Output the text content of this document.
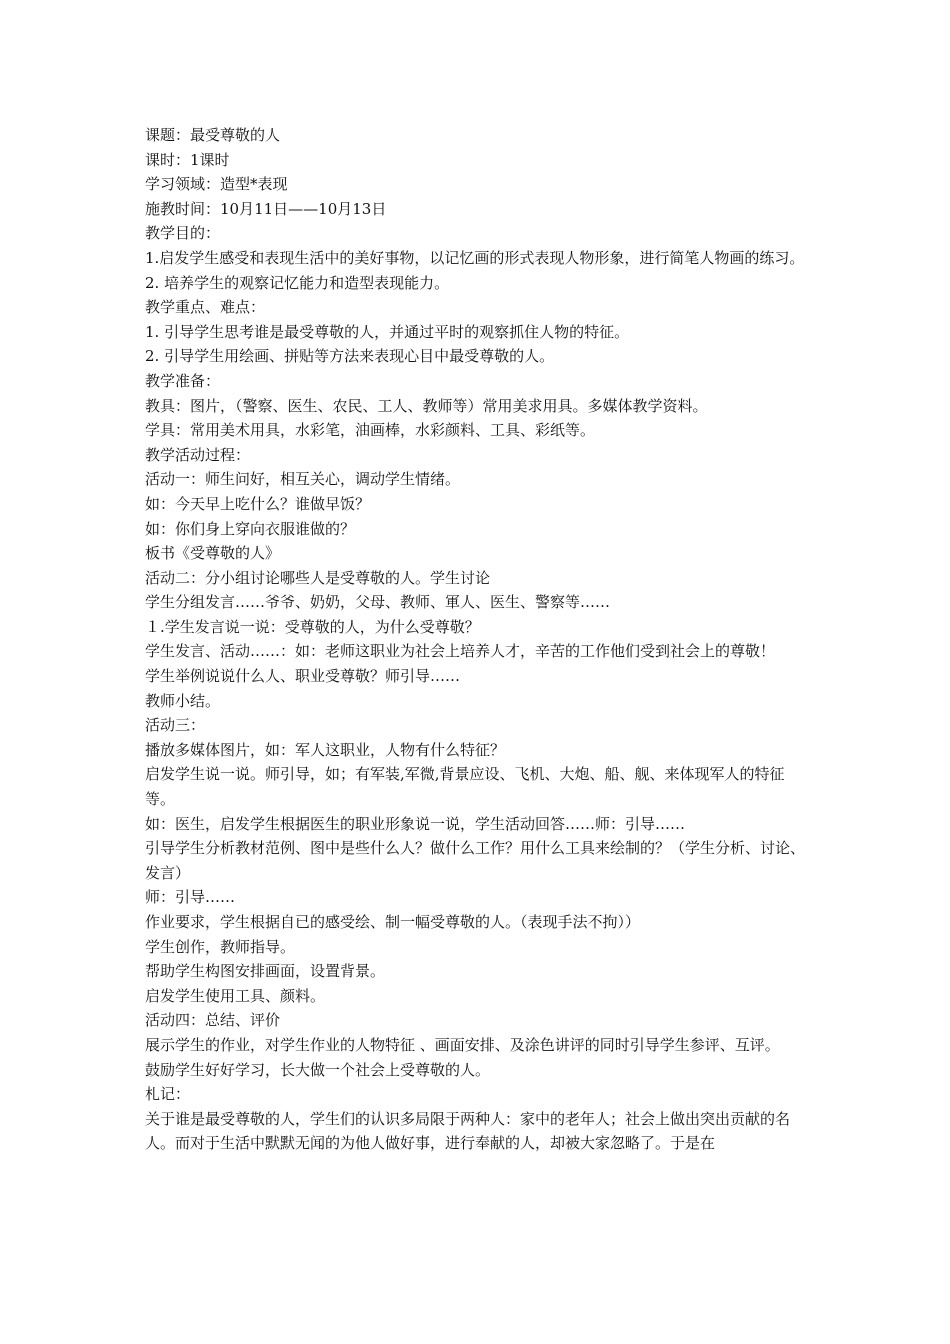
课题：最受尊敬的人

课时：1课时

学习领域：造型*表现

施教时间：10月11日——10月13日

教学目的：

1.启发学生感受和表现生活中的美好事物，以记忆画的形式表现人物形象，进行简笔人物画的练习。

2. 培养学生的观察记忆能力和造型表现能力。

教学重点、难点：

1. 引导学生思考谁是最受尊敬的人，并通过平时的观察抓住人物的特征。

2. 引导学生用绘画、拼贴等方法来表现心目中最受尊敬的人。

教学准备：

教具：图片，（警察、医生、农民、工人、教师等）常用美求用具。多媒体教学资料。

学具：常用美术用具，水彩笔，油画棒，水彩颜料、工具、彩纸等。

教学活动过程：

活动一：师生问好，相互关心，调动学生情绪。

如：今天早上吃什么？谁做早饭？

如：你们身上穿向衣服谁做的？

板书《受尊敬的人》

活动二：分小组讨论哪些人是受尊敬的人。学生讨论

学生分组发言……爷爷、奶奶，父母、教师、軍人、医生、警察等……

１.学生发言说一说：受尊敬的人，为什么受尊敬？

学生发言、活动……：如：老师这职业为社会上培养人才，辛苦的工作他们受到社会上的尊敬！

学生举例说说什么人、职业受尊敬？师引导……

教师小结。

活动三：

播放多媒体图片，如：军人这职业，人物有什么特征？

启发学生说一说。师引导，如；有军装,军微,背景应设、飞机、大炮、船、舰、来体现军人的特征等。

如：医生，启发学生根据医生的职业形象说一说，学生活动回答……师：引导……

引导学生分析教材范例、图中是些什么人？做什么工作？用什么工具来绘制的？（学生分析、讨论、发言）

师：引导……

作业要求，学生根据自已的感受绘、制一幅受尊敬的人。（表现手法不拘））

学生创作，教师指导。

帮助学生构图安排画面，设置背景。

启发学生使用工具、颜料。

活动四：总结、评价

展示学生的作业，对学生作业的人物特征 、画面安排、及涂色讲评的同时引导学生参评、互评。

鼓励学生好好学习，长大做一个社会上受尊敬的人。

札记：

关于谁是最受尊敬的人，学生们的认识多局限于两种人：家中的老年人；社会上做出突出贡献的名人。而对于生活中默默无闻的为他人做好事，进行奉献的人，却被大家忽略了。于是在
